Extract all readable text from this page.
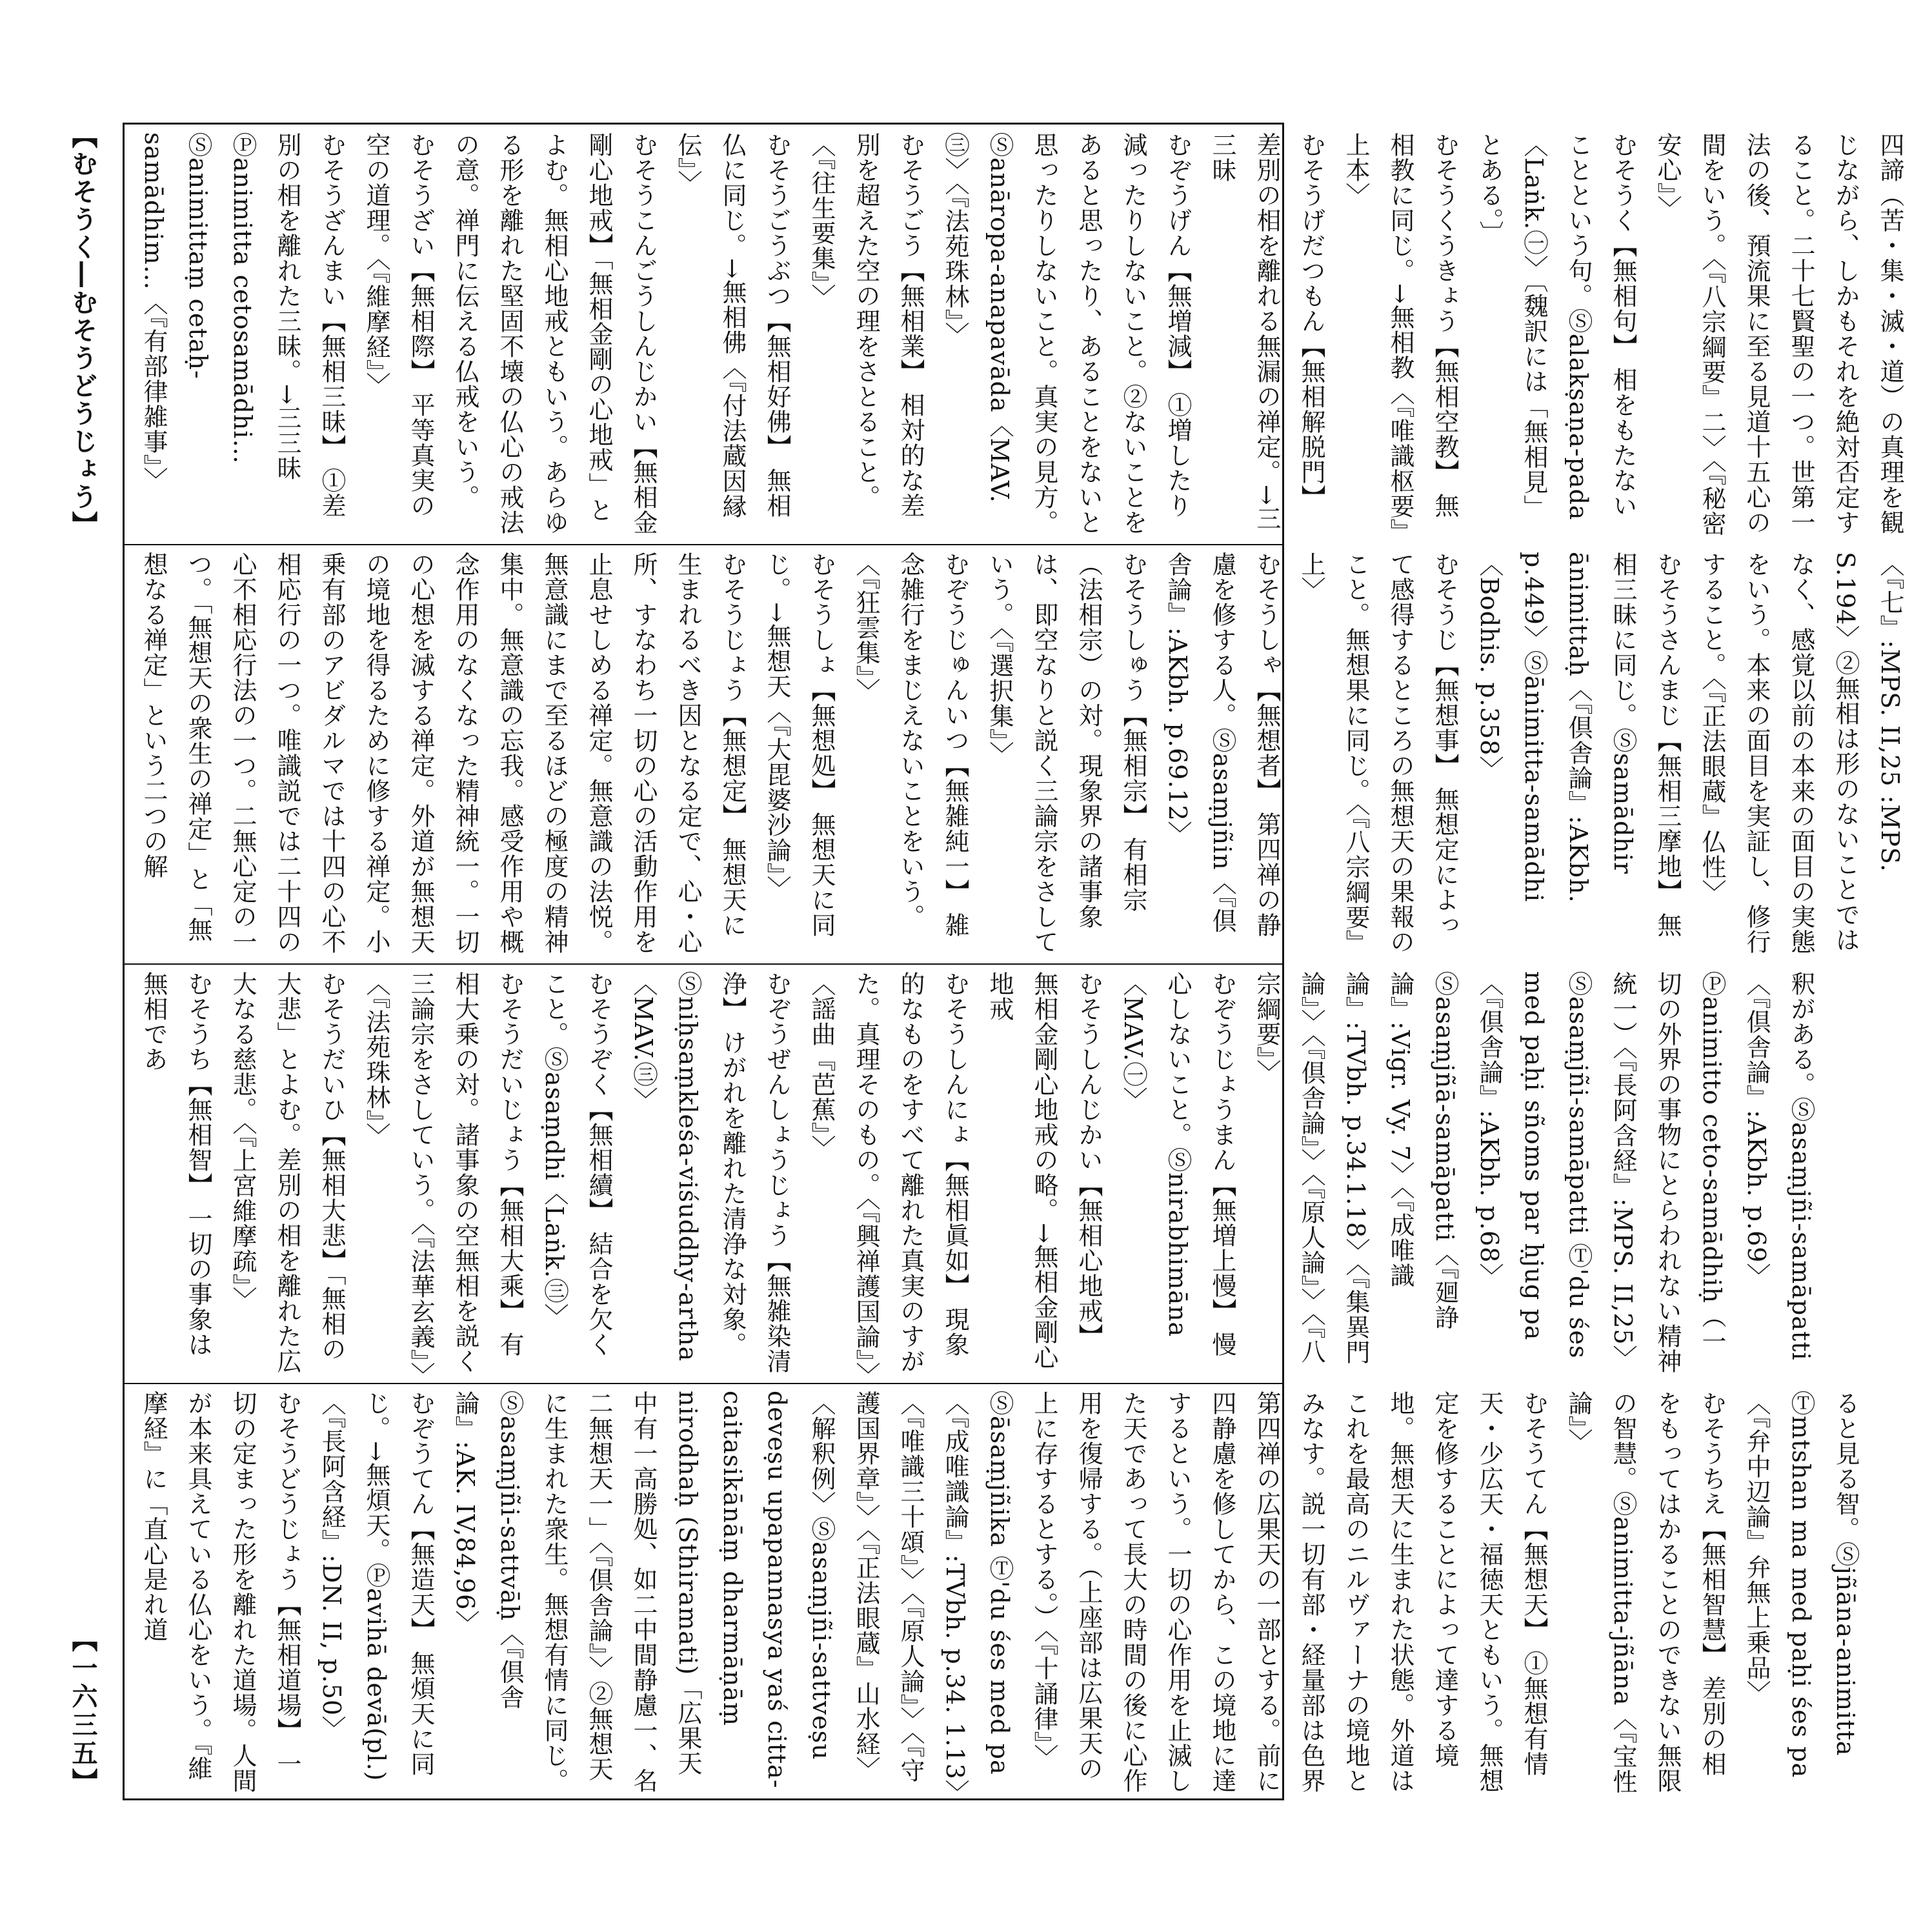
【むそうく―むそうどうじょう】
【一六三五】

四諦（苦・集・滅・道）の真理を観じながら、しかもそれを絶対否定すること。二十七賢聖の一つ。世第一法の後、預流果に至る見道十五心の間をいう。〈『八宗綱要』二〉〈『秘密安心』〉

むそうく【無相句】 相をもたないことという句。Ⓢalakṣaṇa-pada〈Laṅk.㊀〉〔魏訳には「無相見」とある。〕

むそうくうきょう【無相空教】 無相教に同じ。→無相教〈『唯識枢要』上本〉

むそうげだつもん【無相解脱門】 差別の相を離れる無漏の禅定。→三三昧

むぞうげん【無増減】 ①増したり減ったりしないこと。②ないことをあると思ったり、あることをないと思ったりしないこと。真実の見方。Ⓢanāropa-anapavāda〈MAV.㊂〉〈『法苑珠林』〉

むそうごう【無相業】 相対的な差別を超えた空の理をさとること。〈『往生要集』〉

むそうごうぶつ【無相好佛】 無相仏に同じ。→無相佛〈『付法蔵因縁伝』〉

むそうこんごうしんじかい【無相金剛心地戒】「無相金剛の心地戒」とよむ。無相心地戒ともいう。あらゆる形を離れた堅固不壊の仏心の戒法の意。禅門に伝える仏戒をいう。

むそうざい【無相際】 平等真実の空の道理。〈『維摩経』〉

むそうざんまい【無相三昧】 ①差別の相を離れた三昧。→三三昧 Ⓟanimitta cetosamādhi… Ⓢanimittaṃ cetaḥ-samādhim…〈『有部律雑事』〉

〈『七』:MPS. II,25 :MPS. S.194〉②無相は形のないことではなく、感覚以前の本来の面目の実態をいう。本来の面目を実証し、修行すること。〈『正法眼蔵』仏性〉

むそうさんまじ【無相三摩地】 無相三昧に同じ。Ⓢsamādhir ānimittaḥ〈『倶舎論』:AKbh. p.449〉Ⓢānimitta-samādhi〈Bodhis. p.358〉

むそうじ【無想事】 無想定によって感得するところの無想天の果報のこと。無想果に同じ。〈『八宗綱要』上〉

むそうしゃ【無想者】 第四禅の静慮を修する人。Ⓢasaṃjñin〈『倶舎論』:AKbh. p.69.12〉

むそうしゅう【無相宗】 有相宗（法相宗）の対。現象界の諸事象は、即空なりと説く三論宗をさしていう。〈『選択集』〉

むぞうじゅんいつ【無雑純一】 雑念雑行をまじえないことをいう。〈『狂雲集』〉

むそうしょ【無想処】 無想天に同じ。→無想天〈『大毘婆沙論』〉

むそうじょう【無想定】 無想天に生まれるべき因となる定で、心・心所、すなわち一切の心の活動作用を止息せしめる禅定。無意識の法悦。無意識にまで至るほどの極度の精神集中。無意識の忘我。感受作用や概念作用のなくなった精神統一。一切の心想を滅する禅定。外道が無想天の境地を得るために修する禅定。小乗有部のアビダルマでは十四の心不相応行の一つ。唯識説では二十四の心不相応行法の一つ。二無心定の一つ。「無想天の衆生の禅定」と「無想なる禅定」という二つの解

釈がある。Ⓢasaṃjñi-samāpatti〈『倶舎論』:AKbh. p.69〉Ⓟanimitto ceto-samādhiḥ（一切の外界の事物にとらわれない精神統一）〈『長阿含経』:MPS. II,25〉Ⓢasaṃjñi-samāpatti Ⓣ'du śes med paḥi sñoms par ḥjug pa〈『倶舎論』:AKbh. p.68〉Ⓢasaṃjñā-samāpatti〈『廻諍論』:Vigr. Vy. 7〉〈『成唯識論』:TVbh. p.34.1.18〉〈『集異門論』〉〈『倶舎論』〉〈『原人論』〉〈『八宗綱要』〉

むぞうじょうまん【無増上慢】 慢心しないこと。Ⓢnirabhimāna〈MAV.㊀〉

むそうしんじかい【無相心地戒】 無相金剛心地戒の略。→無相金剛心地戒

むそうしんにょ【無相眞如】 現象的なものをすべて離れた真実のすがた。真理そのもの。〈『興禅護国論』〉〈謡曲『芭蕉』〉

むぞうぜんしょうじょう【無雑染清浄】 けがれを離れた清浄な対象。Ⓢniḥsaṃkleśa-viśuddhy-artha〈MAV.㊂〉

むそうぞく【無相續】 結合を欠くこと。Ⓢasaṃdhi〈Laṅk.㊂〉

むそうだいじょう【無相大乘】 有相大乗の対。諸事象の空無相を説く三論宗をさしていう。〈『法華玄義』〉〈『法苑珠林』〉

むそうだいひ【無相大悲】「無相の大悲」とよむ。差別の相を離れた広大なる慈悲。〈『上宮維摩疏』〉

むそうち【無相智】 一切の事象は無相であ

ると見る智。Ⓢjñāna-animitta Ⓣmtshan ma med paḥi śes pa〈『弁中辺論』弁無上乗品〉

むそうちえ【無相智慧】 差別の相をもってはかることのできない無限の智慧。Ⓢanimitta-jñāna〈『宝性論』〉

むそうてん【無想天】 ①無想有情天・少広天・福徳天ともいう。無想定を修することによって達する境地。無想天に生まれた状態。外道はこれを最高のニルヴァーナの境地とみなす。説一切有部・経量部は色界第四禅の広果天の一部とする。前に四静慮を修してから、この境地に達するという。一切の心作用を止滅した天であって長大の時間の後に心作用を復帰する。（上座部は広果天の上に存するとする。）〈『十誦律』〉Ⓢāsaṃjñika Ⓣ'du śes med pa〈『成唯識論』:TVbh. p.34. 1.13〉〈『唯識三十頌』〉〈『原人論』〉〈『守護国界章』〉〈『正法眼蔵』山水経〉〈解釈例〉Ⓢasaṃjñi-sattveṣu deveṣu upapannasya yaś citta-caitasikānāṃ dharmāṇāṃ nirodhaḥ (Sthiramati)「広果天中有一高勝処、如二中間静慮一、名二無想天一」〈『倶舎論』〉②無想天に生まれた衆生。無想有情に同じ。Ⓢasaṃjñi-sattvāḥ〈『倶舎論』:AK. IV,84,96〉

むぞうてん【無造天】 無煩天に同じ。→無煩天。Ⓟavihā devā(pl.)〈『長阿含経』:DN. II, p.50〉

むそうどうじょう【無相道場】 一切の定まった形を離れた道場。人間が本来具えている仏心をいう。『維摩経』に「直心是れ道
